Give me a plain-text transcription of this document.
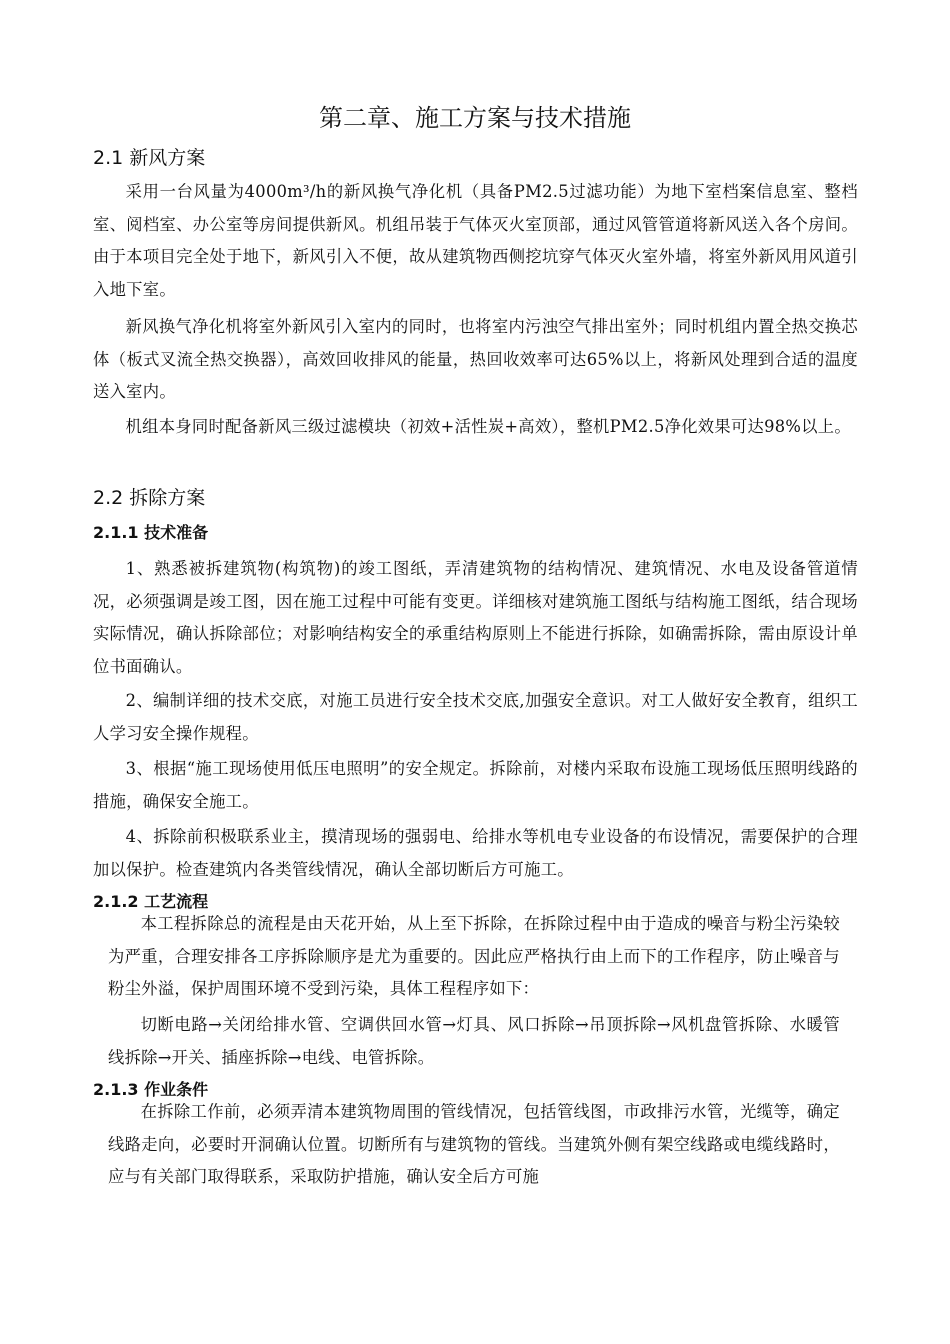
第二章、施工方案与技术措施
2.1 新风方案

采用一台风量为4000m³/h的新风换气净化机（具备PM2.5过滤功能）为地下室档案信息室、整档室、阅档室、办公室等房间提供新风。机组吊装于气体灭火室顶部，通过风管管道将新风送入各个房间。由于本项目完全处于地下，新风引入不便，故从建筑物西侧挖坑穿气体灭火室外墙，将室外新风用风道引入地下室。

新风换气净化机将室外新风引入室内的同时，也将室内污浊空气排出室外；同时机组内置全热交换芯体（板式叉流全热交换器），高效回收排风的能量，热回收效率可达65%以上，将新风处理到合适的温度送入室内。

机组本身同时配备新风三级过滤模块（初效+活性炭+高效），整机PM2.5净化效果可达98%以上。

2.2 拆除方案
2.1.1 技术准备

1、熟悉被拆建筑物(构筑物)的竣工图纸，弄清建筑物的结构情况、建筑情况、水电及设备管道情况，必须强调是竣工图，因在施工过程中可能有变更。详细核对建筑施工图纸与结构施工图纸，结合现场实际情况，确认拆除部位；对影响结构安全的承重结构原则上不能进行拆除，如确需拆除，需由原设计单位书面确认。

2、编制详细的技术交底，对施工员进行安全技术交底,加强安全意识。对工人做好安全教育，组织工人学习安全操作规程。

3、根据“施工现场使用低压电照明”的安全规定。拆除前，对楼内采取布设施工现场低压照明线路的措施，确保安全施工。

4、拆除前积极联系业主，摸清现场的强弱电、给排水等机电专业设备的布设情况，需要保护的合理加以保护。检查建筑内各类管线情况，确认全部切断后方可施工。

2.1.2 工艺流程

本工程拆除总的流程是由天花开始，从上至下拆除，在拆除过程中由于造成的噪音与粉尘污染较为严重，合理安排各工序拆除顺序是尤为重要的。因此应严格执行由上而下的工作程序，防止噪音与粉尘外溢，保护周围环境不受到污染，具体工程程序如下：

切断电路→关闭给排水管、空调供回水管→灯具、风口拆除→吊顶拆除→风机盘管拆除、水暖管线拆除→开关、插座拆除→电线、电管拆除。

2.1.3 作业条件

在拆除工作前，必须弄清本建筑物周围的管线情况，包括管线图，市政排污水管，光缆等，确定线路走向，必要时开洞确认位置。切断所有与建筑物的管线。当建筑外侧有架空线路或电缆线路时，应与有关部门取得联系，采取防护措施，确认安全后方可施
